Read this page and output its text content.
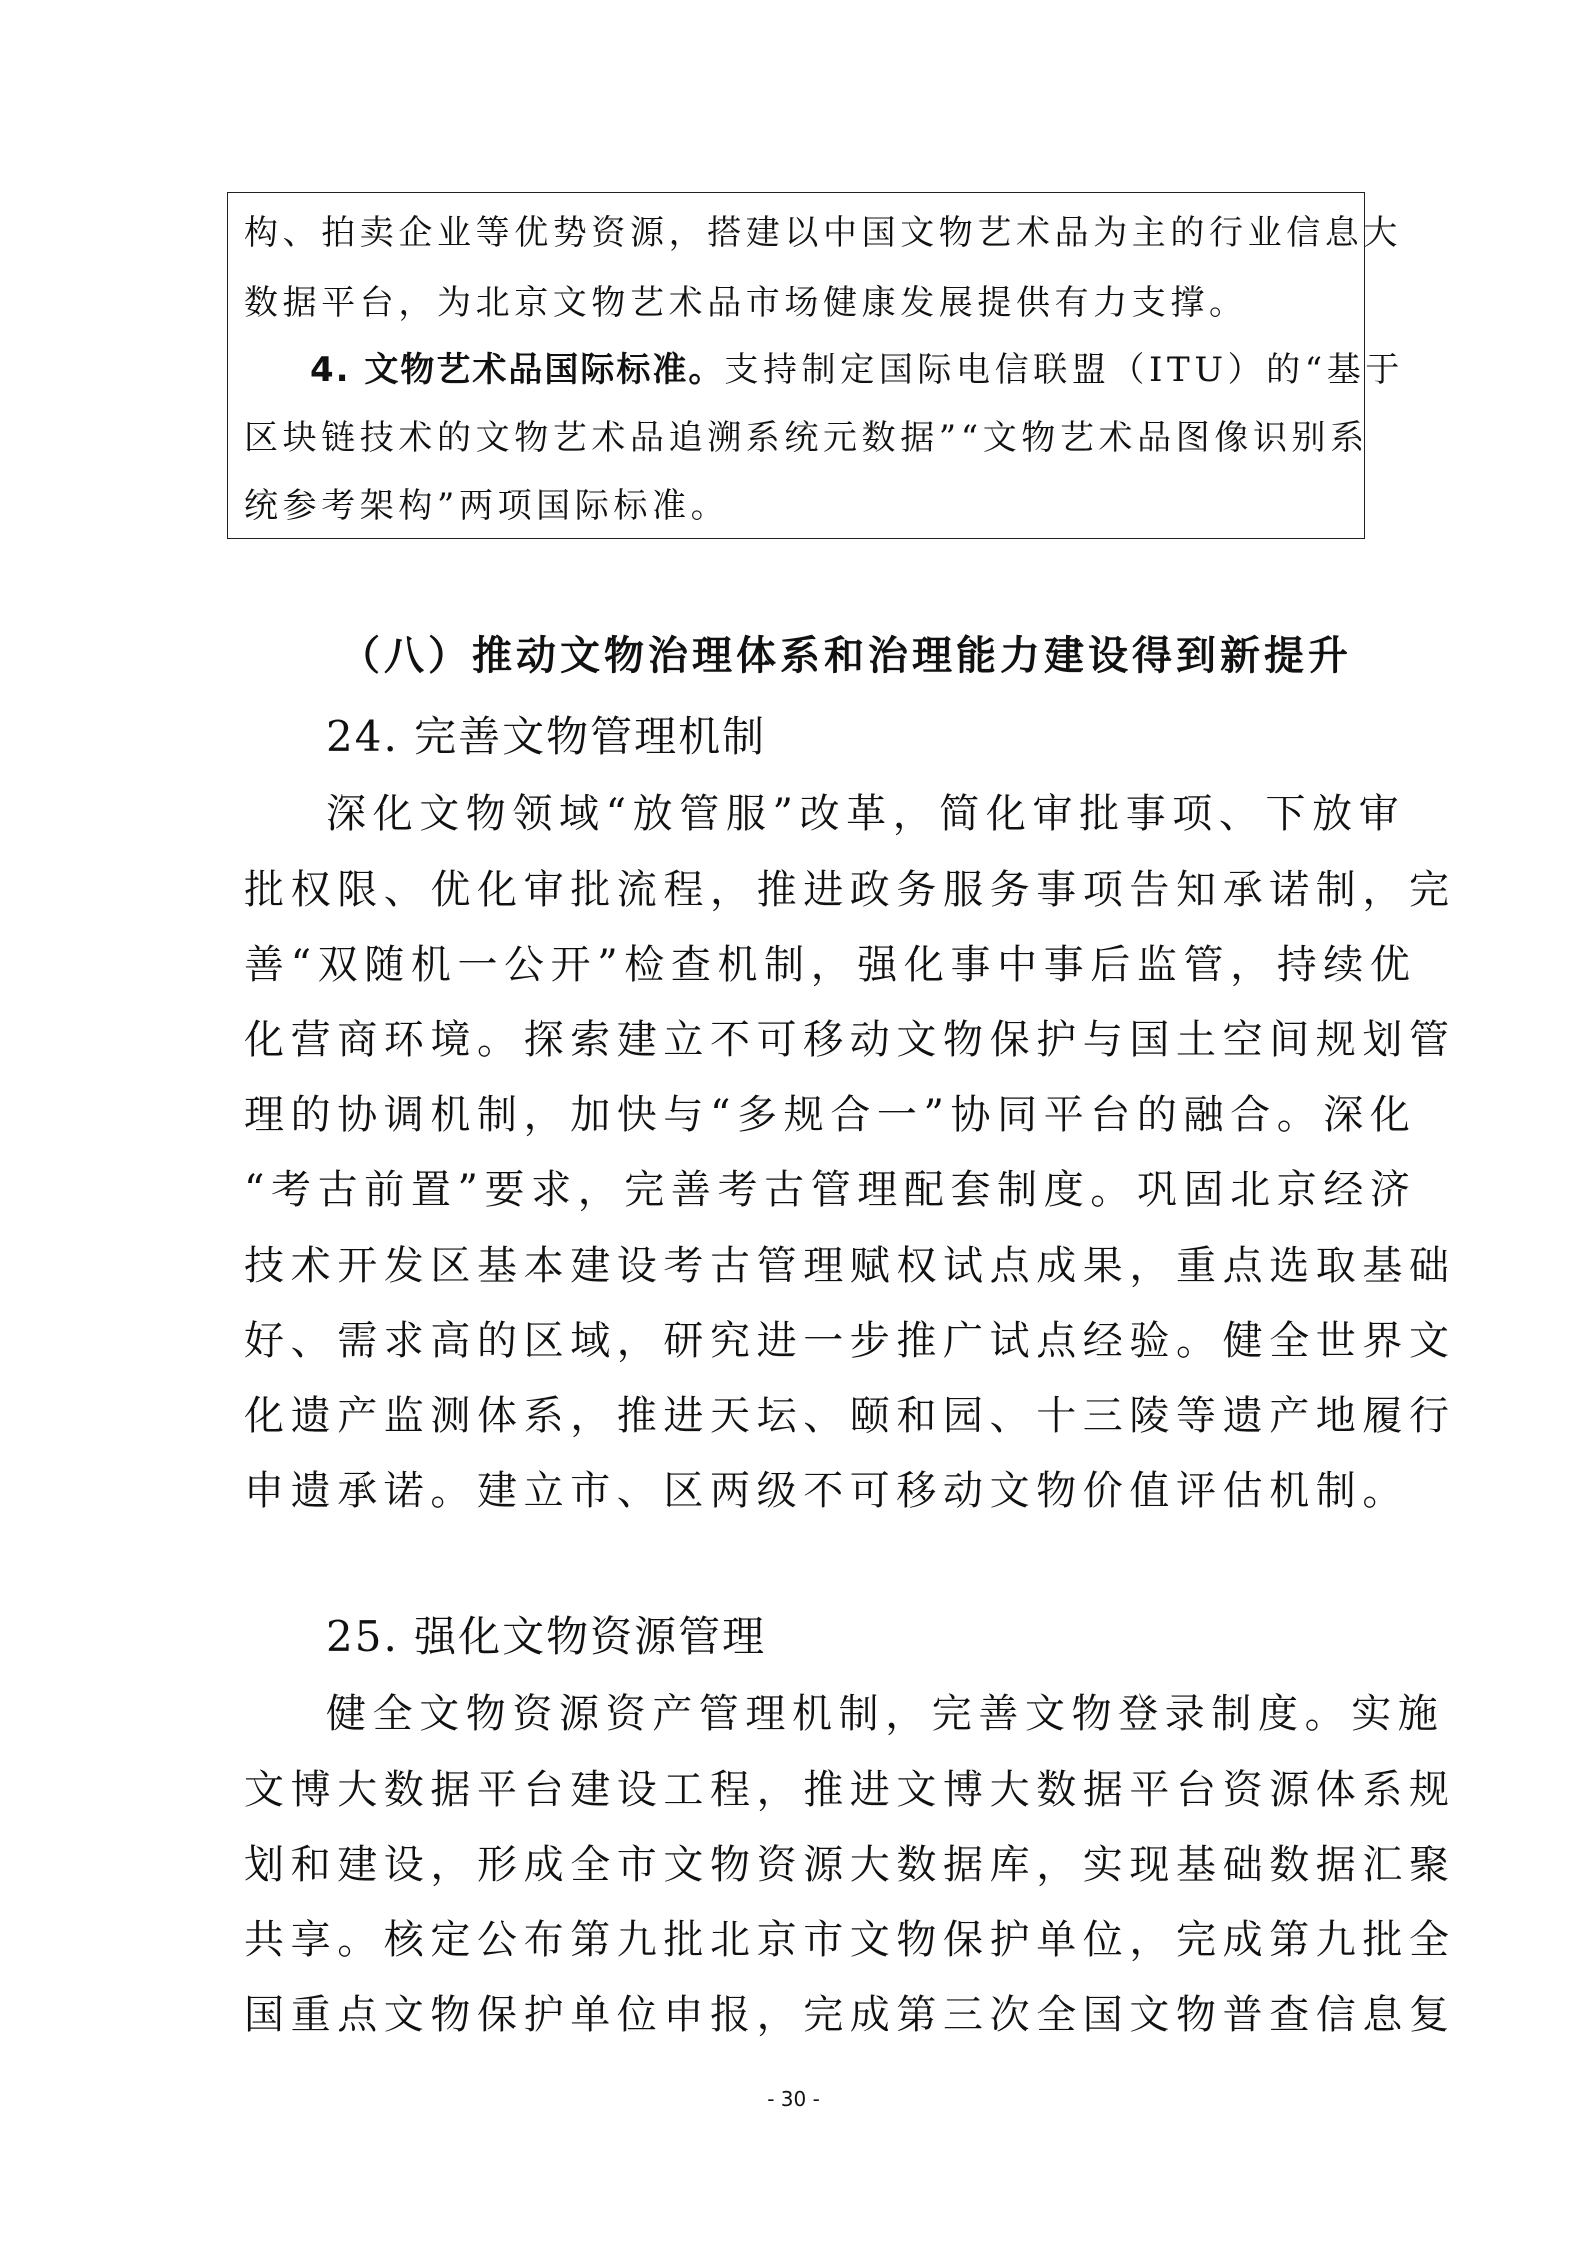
构、拍卖企业等优势资源，搭建以中国文物艺术品为主的行业信息大
数据平台，为北京文物艺术品市场健康发展提供有力支撑。
4. 文物艺术品国际标准。支持制定国际电信联盟（ITU）的“基于
区块链技术的文物艺术品追溯系统元数据”“文物艺术品图像识别系
统参考架构”两项国际标准。
（八）推动文物治理体系和治理能力建设得到新提升
24. 完善文物管理机制
深化文物领域“放管服”改革，简化审批事项、下放审
批权限、优化审批流程，推进政务服务事项告知承诺制，完
善“双随机一公开”检查机制，强化事中事后监管，持续优
化营商环境。探索建立不可移动文物保护与国土空间规划管
理的协调机制，加快与“多规合一”协同平台的融合。深化
“考古前置”要求，完善考古管理配套制度。巩固北京经济
技术开发区基本建设考古管理赋权试点成果，重点选取基础
好、需求高的区域，研究进一步推广试点经验。健全世界文
化遗产监测体系，推进天坛、颐和园、十三陵等遗产地履行
申遗承诺。建立市、区两级不可移动文物价值评估机制。
25. 强化文物资源管理
健全文物资源资产管理机制，完善文物登录制度。实施
文博大数据平台建设工程，推进文博大数据平台资源体系规
划和建设，形成全市文物资源大数据库，实现基础数据汇聚
共享。核定公布第九批北京市文物保护单位，完成第九批全
国重点文物保护单位申报，完成第三次全国文物普查信息复
- 30 -
